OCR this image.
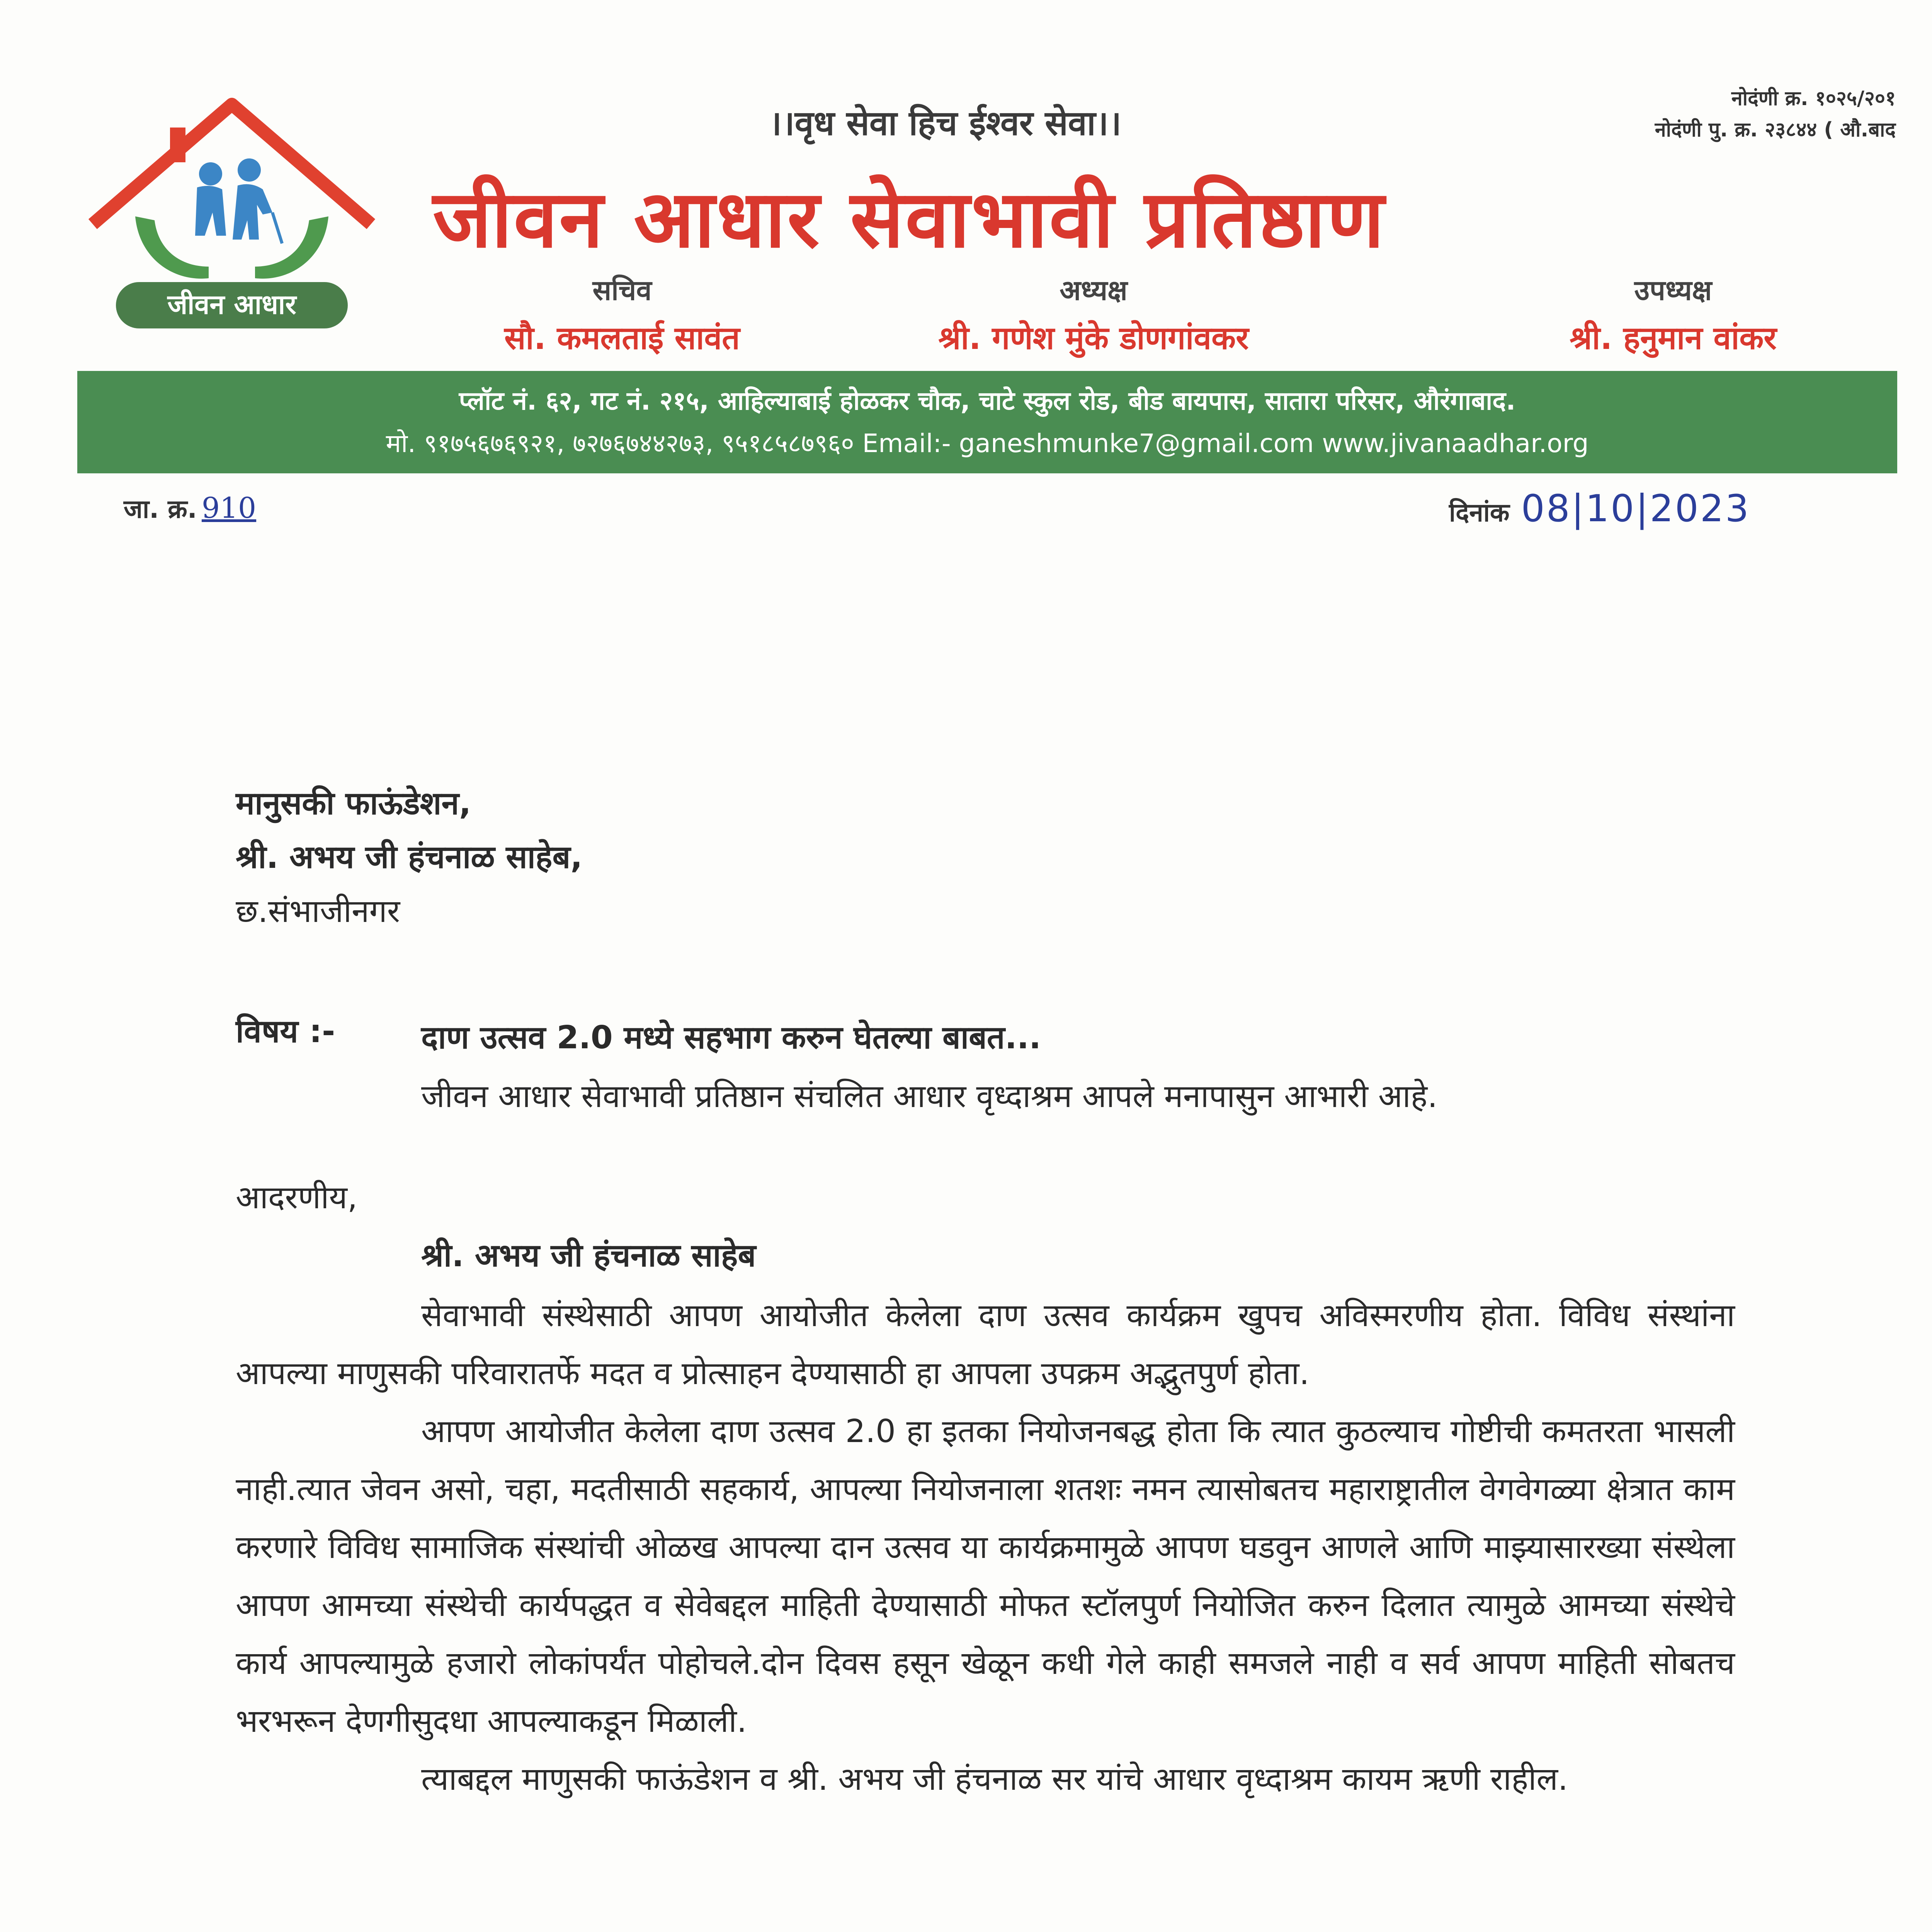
जीवन आधार
।।वृध सेवा हिच ईश्वर सेवा।।
नोदंणी क्र. १०२५/२०१
नोदंणी पु. क्र. २३८४४ ( औ.बाद
जीवन आधार सेवाभावी प्रतिष्ठाण
सचिव
सौ. कमलताई सावंत
अध्यक्ष
श्री. गणेश मुंके डोणगांवकर
उपध्यक्ष
श्री. हनुमान वांकर
प्लॉट नं. ६२, गट नं. २१५, आहिल्याबाई होळकर चौक, चाटे स्कुल रोड, बीड बायपास, सातारा परिसर, औरंगाबाद.
मो. ९१७५६७६९२१, ७२७६७४४२७३, ९५१८५८७९६० Email:- ganeshmunke7@gmail.com www.jivanaadhar.org
जा. क्र. 910	दिनांक 08|10|2023
मानुसकी फाऊंडेशन,
श्री. अभय जी हंचनाळ साहेब,
छ.संभाजीनगर
विषय :-	दाण उत्सव 2.0 मध्ये सहभाग करुन घेतल्या बाबत...
जीवन आधार सेवाभावी प्रतिष्ठान संचलित आधार वृध्दाश्रम आपले मनापासुन आभारी आहे.
आदरणीय,
श्री. अभय जी हंचनाळ साहेब

सेवाभावी संस्थेसाठी आपण आयोजीत केलेला दाण उत्सव कार्यक्रम खुपच अविस्मरणीय होता. विविध संस्थांना आपल्या माणुसकी परिवारातर्फे मदत व प्रोत्साहन देण्यासाठी हा आपला उपक्रम अद्भुतपुर्ण होता.

आपण आयोजीत केलेला दाण उत्सव 2.0 हा इतका नियोजनबद्ध होता कि त्यात कुठल्याच गोष्टीची कमतरता भासली नाही.त्यात जेवन असो, चहा, मदतीसाठी सहकार्य, आपल्या नियोजनाला शतशः नमन त्यासोबतच महाराष्ट्रातील वेगवेगळ्या क्षेत्रात काम करणारे विविध सामाजिक संस्थांची ओळख आपल्या दान उत्सव या कार्यक्रमामुळे आपण घडवुन आणले आणि माझ्यासारख्या संस्थेला आपण आमच्या संस्थेची कार्यपद्धत व सेवेबद्दल माहिती देण्यासाठी मोफत स्टॉलपुर्ण नियोजित करुन दिलात त्यामुळे आमच्या संस्थेचे कार्य आपल्यामुळे हजारो लोकांपर्यंत पोहोचले.दोन दिवस हसून खेळून कधी गेले काही समजले नाही व सर्व आपण माहिती सोबतच भरभरून देणगीसुदधा आपल्याकडून मिळाली.

त्याबद्दल माणुसकी फाऊंडेशन व श्री. अभय जी हंचनाळ सर यांचे आधार वृध्दाश्रम कायम ऋणी राहील.
